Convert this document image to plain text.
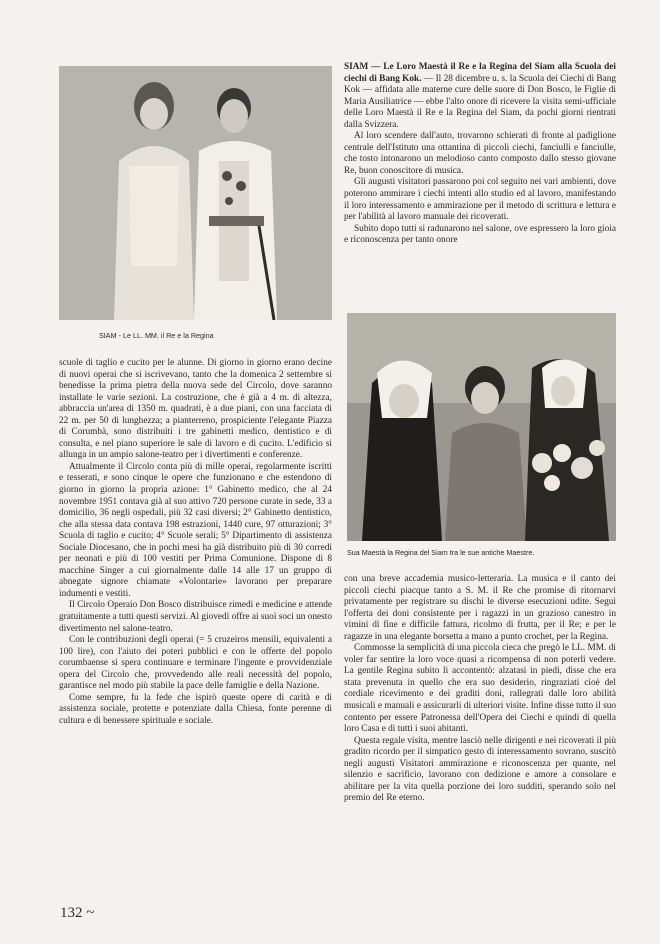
SIAM - Le LL. MM. il Re e la Regina

SIAM — Le Loro Maestà il Re e la Regina del Siam alla Scuola dei ciechi di Bang Kok. — Il 28 dicembre u. s. la Scuola dei Ciechi di Bang Kok — affidata alle materne cure delle suore di Don Bosco, le Figlie di Maria Ausiliatrice — ebbe l'alto onore di ricevere la visita semi-ufficiale delle Loro Maestà il Re e la Regina del Siam, da pochi giorni rientrati dalla Svizzera.

Al loro scendere dall'auto, trovarono schierati di fronte al padiglione centrale dell'Istituto una ottantina di piccoli ciechi, fanciulli e fanciulle, che tosto intonarono un melodioso canto composto dallo stesso giovane Re, buon conoscitore di musica.

Gli augusti visitatori passarono poi col seguito nei vari ambienti, dove poterono ammirare i ciechi intenti allo studio ed al lavoro, manifestando il loro interessamento e ammirazione per il metodo di scrittura e lettura e per l'abilità al lavoro manuale dei ricoverati.

Subito dopo tutti si radunarono nel salone, ove espressero la loro gioia e riconoscenza per tanto onore

Sua Maestà la Regina del Siam tra le sue antiche Maestre.

scuole di taglio e cucito per le alunne. Di giorno in giorno erano decine di nuovi operai che si iscrivevano, tanto che la domenica 2 settembre si benedisse la prima pietra della nuova sede del Circolo, dove saranno installate le varie sezioni. La costruzione, che è già a 4 m. di altezza, abbraccia un'area di 1350 m. quadrati, è a due piani, con una facciata di 22 m. per 50 di lunghezza; a pianterreno, prospiciente l'elegante Piazza di Corumbà, sono distribuiti i tre gabinetti medico, dentistico e di consulta, e nel piano superiore le sale di lavoro e di cucito. L'edificio si allunga in un ampio salone-teatro per i divertimenti e conferenze.

Attualmente il Circolo conta più di mille operai, regolarmente iscritti e tesserati, e sono cinque le opere che funzionano e che estendono di giorno in giorno la propria azione: 1° Gabinetto medico, che al 24 novembre 1951 contava già al suo attivo 720 persone curate in sede, 33 a domicilio, 36 negli ospedali, più 32 casi diversi; 2° Gabinetto dentistico, che alla stessa data contava 198 estrazioni, 1440 cure, 97 otturazioni; 3° Scuola di taglio e cucito; 4° Scuole serali; 5° Dipartimento di assistenza Sociale Diocesano, che in pochi mesi ha già distribuito più di 30 corredi per neonati e più di 100 vestiti per Prima Comunione. Dispone di 8 macchine Singer a cui giornalmente dalle 14 alle 17 un gruppo di abnegate signore chiamate «Volontarie» lavorano per preparare indumenti e vestiti.

Il Circolo Operaio Don Bosco distribuisce rimedi e medicine e attende gratuitamente a tutti questi servizi. Al giovedì offre ai suoi soci un onesto divertimento nel salone-teatro.

Con le contribuzioni degli operai (= 5 cruzeiros mensili, equivalenti a 100 lire), con l'aiuto dei poteri pubblici e con le offerte del popolo corumbaense si spera continuare e terminare l'ingente e provvidenziale opera del Circolo che, provvedendo alle reali necessità del popolo, garantisce nel modo più stabile la pace delle famiglie e della Nazione.

Come sempre, fu la fede che ispirò queste opere di carità e di assistenza sociale, protette e potenziate dalla Chiesa, fonte perenne di cultura e di benessere spirituale e sociale.

con una breve accademia musico-letteraria. La musica e il canto dei piccoli ciechi piacque tanto a S. M. il Re che promise di ritornarvi privatamente per registrare su dischi le diverse esecuzioni udite. Seguì l'offerta dei doni consistente per i ragazzi in un grazioso canestro in vimini di fine e difficile fattura, ricolmo di frutta, per il Re; e per le ragazze in una elegante borsetta a mano a punto crochet, per la Regina.

Commosse la semplicità di una piccola cieca che pregò le LL. MM. di voler far sentire la loro voce quasi a ricompensa di non poterli vedere. La gentile Regina subito li accontentò: alzatasi in piedi, disse che era stata prevenuta in quello che era suo desiderio, ringraziati cioè del cordiale ricevimento e dei graditi doni, rallegrati dalle loro abilità musicali e manuali e assicurarli di ulteriori visite. Infine disse tutto il suo contento per essere Patronessa dell'Opera dei Ciechi e quindi di quella loro Casa e di tutti i suoi abitanti.

Questa regale visita, mentre lasciò nelle dirigenti e nei ricoverati il più gradito ricordo per il simpatico gesto di interessamento sovrano, suscitò negli augusti Visitatori ammirazione e riconoscenza per quante, nel silenzio e sacrificio, lavorano con dedizione e amore a consolare e abilitare per la vita quella porzione dei loro sudditi, sperando solo nel premio del Re eterno.

132 ~
